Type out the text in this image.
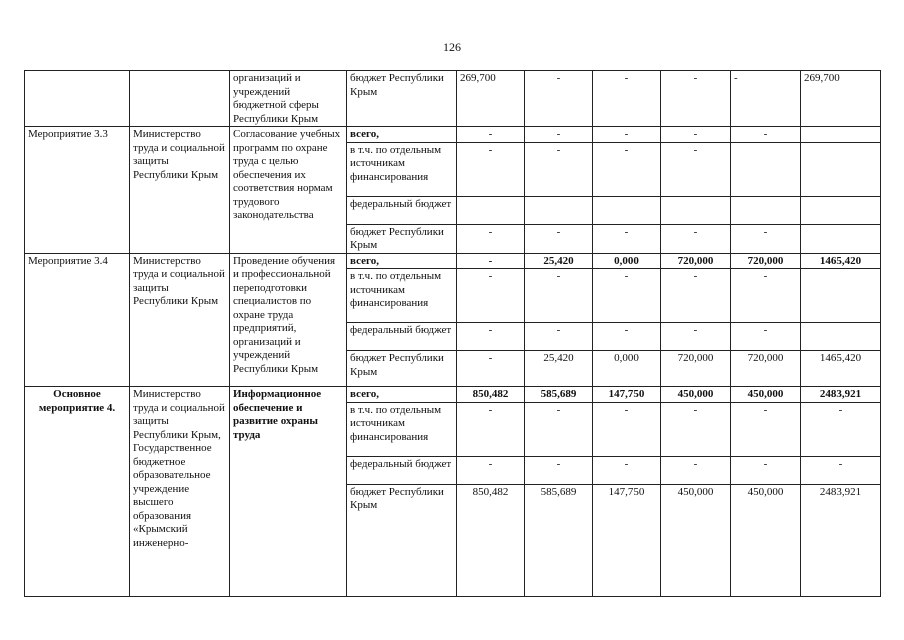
126
		организаций и учреждений бюджетной сферы Республики Крым	бюджет Республики Крым	269,700	-	-	-	-	269,700
Мероприятие 3.3	Министерство труда и социальной защиты Республики Крым	Согласование учебных программ по охране труда с целью обеспечения их соответствия нормам трудового законодательства	всего,	-	-	-	-	-	
			в т.ч. по отдельным источникам финансирования	-	-	-	-		
			федеральный бюджет						
			бюджет Республики Крым	-	-	-	-	-	
Мероприятие 3.4	Министерство труда и социальной защиты Республики Крым	Проведение обучения и профессиональной переподготовки специалистов по охране труда предприятий, организаций и учреждений Республики Крым	всего,	-	25,420	0,000	720,000	720,000	1465,420
			в т.ч. по отдельным источникам финансирования	-	-	-	-	-	
			федеральный бюджет	-	-	-	-	-	
			бюджет Республики Крым	-	25,420	0,000	720,000	720,000	1465,420
Основное мероприятие 4.	Министерство труда и социальной защиты Республики Крым, Государственное бюджетное образовательное учреждение высшего образования «Крымский инженерно-	Информационное обеспечение и развитие охраны труда	всего,	850,482	585,689	147,750	450,000	450,000	2483,921
			в т.ч. по отдельным источникам финансирования	-	-	-	-	-	-
			федеральный бюджет	-	-	-	-	-	-
			бюджет Республики Крым	850,482	585,689	147,750	450,000	450,000	2483,921
